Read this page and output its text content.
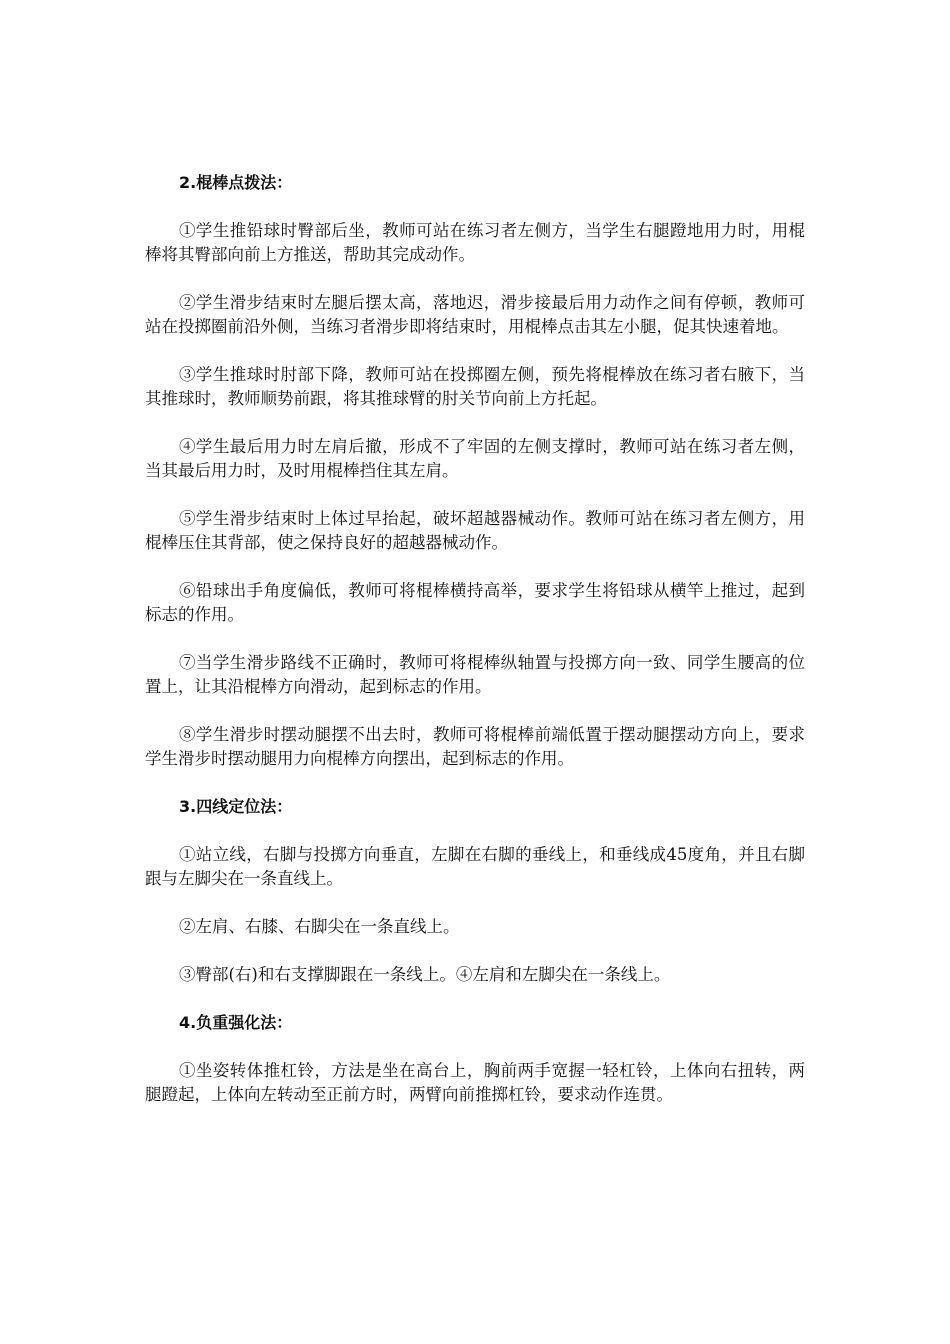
2.棍棒点拨法：

①学生推铅球时臀部后坐，教师可站在练习者左侧方，当学生右腿蹬地用力时，用棍棒将其臀部向前上方推送，帮助其完成动作。

②学生滑步结束时左腿后摆太高，落地迟，滑步接最后用力动作之间有停顿，教师可站在投掷圈前沿外侧，当练习者滑步即将结束时，用棍棒点击其左小腿，促其快速着地。

③学生推球时肘部下降，教师可站在投掷圈左侧，预先将棍棒放在练习者右腋下，当其推球时，教师顺势前跟，将其推球臂的肘关节向前上方托起。

④学生最后用力时左肩后撤，形成不了牢固的左侧支撑时，教师可站在练习者左侧，当其最后用力时，及时用棍棒挡住其左肩。

⑤学生滑步结束时上体过早抬起，破坏超越器械动作。教师可站在练习者左侧方，用棍棒压住其背部，使之保持良好的超越器械动作。

⑥铅球出手角度偏低，教师可将棍棒横持高举，要求学生将铅球从横竿上推过，起到标志的作用。

⑦当学生滑步路线不正确时，教师可将棍棒纵轴置与投掷方向一致、同学生腰高的位置上，让其沿棍棒方向滑动，起到标志的作用。

⑧学生滑步时摆动腿摆不出去时，教师可将棍棒前端低置于摆动腿摆动方向上，要求学生滑步时摆动腿用力向棍棒方向摆出，起到标志的作用。

3.四线定位法：

①站立线，右脚与投掷方向垂直，左脚在右脚的垂线上，和垂线成45度角，并且右脚跟与左脚尖在一条直线上。

②左肩、右膝、右脚尖在一条直线上。

③臀部(右)和右支撑脚跟在一条线上。④左肩和左脚尖在一条线上。

4.负重强化法：

①坐姿转体推杠铃，方法是坐在高台上，胸前两手宽握一轻杠铃，上体向右扭转，两腿蹬起，上体向左转动至正前方时，两臂向前推掷杠铃，要求动作连贯。
